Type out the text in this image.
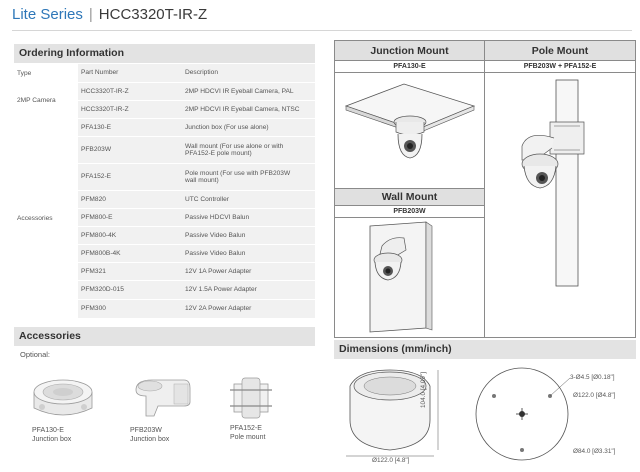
Lite Series | HCC3320T-IR-Z
Ordering Information
Type	Part Number	Description
2MP Camera	HCC3320T-IR-Z	2MP HDCVI IR Eyeball Camera, PAL
	HCC3320T-IR-Z	2MP HDCVI IR Eyeball Camera, NTSC
Accessories	PFA130-E	Junction box (For use alone)
	PFB203W	Wall mount (For use alone or with
PFA152-E pole mount)

	PFA152-E	Pole mount (For use with PFB203W
wall mount)

	PFM820	UTC Controller
	PFM800-E	Passive HDCVI Balun
	PFM800-4K	Passive Video Balun
	PFM800B-4K	Passive Video Balun
	PFM321	12V 1A Power Adapter
	PFM320D-015	12V 1.5A Power Adapter
	PFM300	12V 2A Power Adapter
Accessories
Optional:
PFA130-E
Junction box
PFB203W
Junction box
PFA152-E
Pole mount
Junction Mount	Pole Mount
PFA130-E	PFB203W + PFA152-E
Wall Mount
PFB203W
Dimensions (mm/inch)
Ø122.0 [4.8"]
104.0 [4.09"]	3-Ø4.5 [Ø0.18"]
Ø122.0 [Ø4.8"]
Ø84.0 [Ø3.31"]
